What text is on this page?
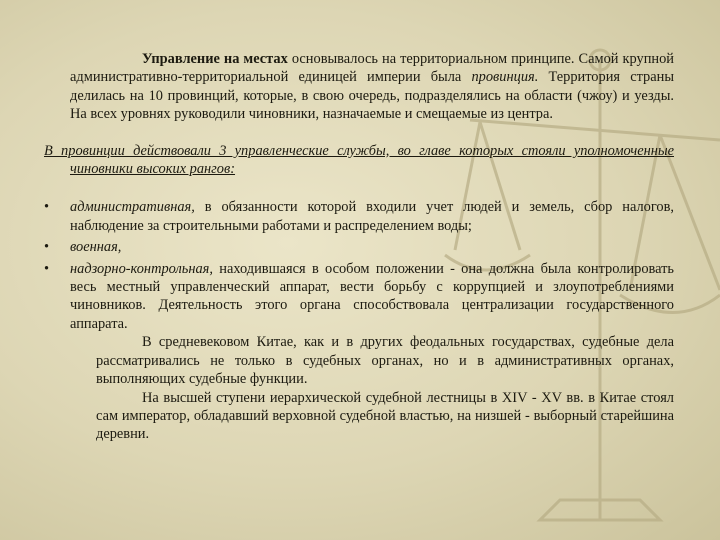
Управление на местах основывалось на территориальном принципе. Самой крупной административно-территориальной единицей империи была провинция. Территория страны делилась на 10 провинций, которые, в свою очередь, подразделялись на области (чжоу) и уезды. На всех уровнях руководили чиновники, назначаемые и смещаемые из центра.

В провинции действовали 3 управленческие службы, во главе которых стояли уполномоченные чиновники высоких рангов:

• административная, в обязанности которой входили учет людей и земель, сбор налогов, наблюдение за строительными работами и распределением воды;
• военная,
• надзорно-контрольная, находившаяся в особом положении - она должна была контролировать весь местный управленческий аппарат, вести борьбу с коррупцией и злоупотреблениями чиновников. Деятельность этого органа способствовала централизации государственного аппарата.
В средневековом Китае, как и в других феодальных государствах, судебные дела рассматривались не только в судебных органах, но и в административных органах, выполняющих судебные функции.
На высшей ступени иерархической судебной лестницы в XIV - XV вв. в Китае стоял сам император, обладавший верховной судебной властью, на низшей - выборный старейшина деревни.
